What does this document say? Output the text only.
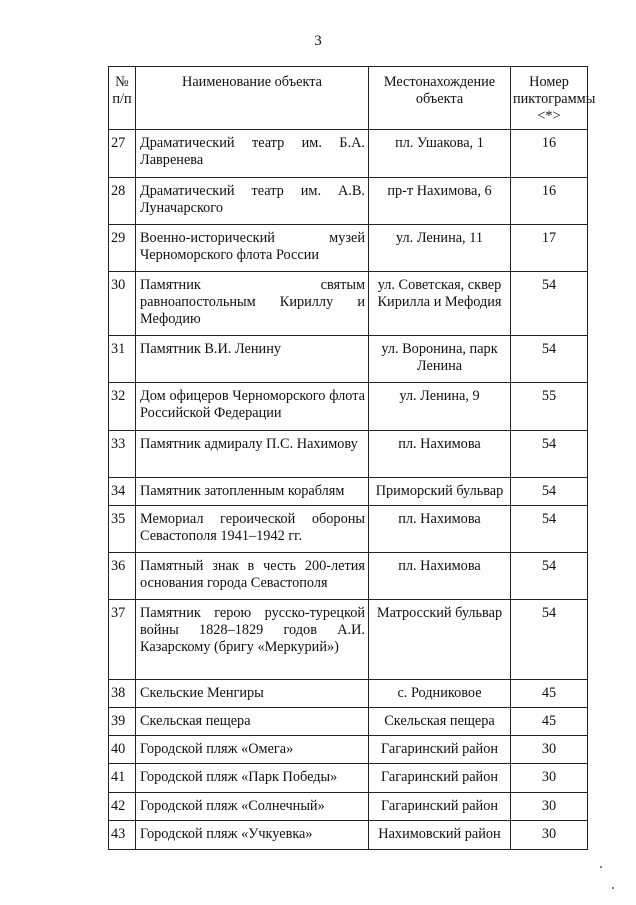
3
№ п/п	Наименование объекта	Местонахождение объекта	Номер пиктограммы <*>
27	Драматический театр им. Б.А. Лавренева	пл. Ушакова, 1	16
28	Драматический театр им. А.В. Луначарского	пр-т Нахимова, 6	16
29	Военно-исторический музей Черноморского флота России	ул. Ленина, 11	17
30	Памятник святым равноапостольным Кириллу и Мефодию	ул. Советская, сквер Кирилла и Мефодия	54
31	Памятник В.И. Ленину	ул. Воронина, парк Ленина	54
32	Дом офицеров Черноморского флота Российской Федерации	ул. Ленина, 9	55
33	Памятник адмиралу П.С. Нахимову	пл. Нахимова	54
34	Памятник затопленным кораблям	Приморский бульвар	54
35	Мемориал героической обороны Севастополя 1941–1942 гг.	пл. Нахимова	54
36	Памятный знак в честь 200-летия основания города Севастополя	пл. Нахимова	54
37	Памятник герою русско-турецкой войны 1828–1829 годов А.И. Казарскому (бригу «Меркурий»)	Матросский бульвар	54
38	Скельские Менгиры	с. Родниковое	45
39	Скельская пещера	Скельская пещера	45
40	Городской пляж «Омега»	Гагаринский район	30
41	Городской пляж «Парк Победы»	Гагаринский район	30
42	Городской пляж «Солнечный»	Гагаринский район	30
43	Городской пляж «Учкуевка»	Нахимовский район	30
